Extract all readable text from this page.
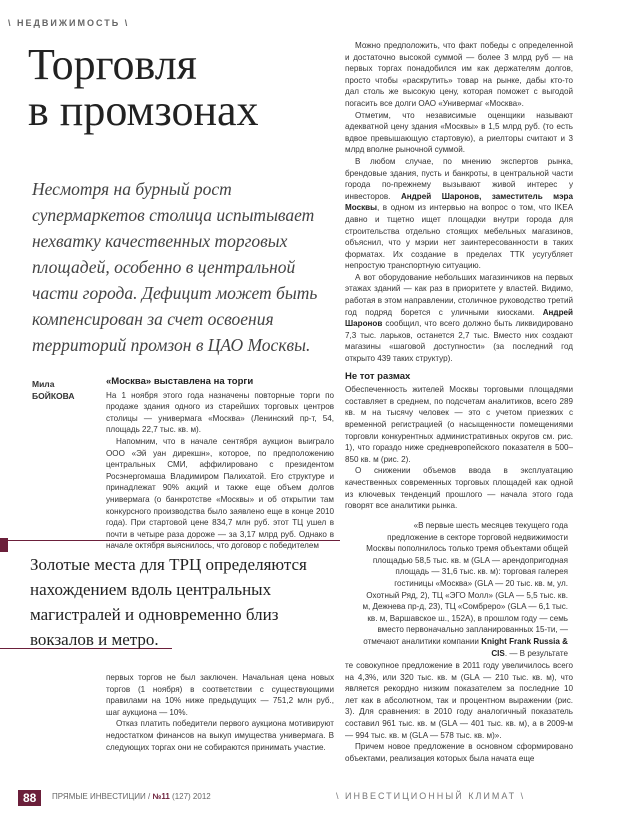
\ НЕДВИЖИМОСТЬ \
Торговля
в промзонах

Несмотря на бурный рост супермаркетов столица испытывает нехватку качественных торговых площадей, особенно в центральной части города. Дефицит может быть компенсирован за счет освоения территорий промзон в ЦАО Москвы.

Мила
БОЙКОВА

«Москва» выставлена на торги

На 1 ноября этого года назначены повторные торги по продаже здания одного из старейших торговых центров столицы — универмага «Москва» (Ленинский пр-т, 54, площадь 22,7 тыс. кв. м).

Напомним, что в начале сентября аукцион выиграло ООО «Эй уан дирекшн», которое, по предположению центральных СМИ, аффилировано с президентом Росэнергомаша Владимиром Палихатой. Его структуре и принадлежат 90% акций и также еще объем долгов универмага (о банкротстве «Москвы» и об открытии там конкурсного производства было заявлено еще в конце 2010 года). При стартовой цене 834,7 млн руб. этот ТЦ ушел в почти в четыре раза дороже — за 3,17 млрд руб. Однако в начале октября выяснилось, что договор с победителем

Золотые места для ТРЦ определяются нахождением вдоль центральных магистралей и одновременно близ вокзалов и метро.

первых торгов не был заключен. Начальная цена новых торгов (1 ноября) в соответствии с существующими правилами на 10% ниже предыдущих — 751,2 млн руб., шаг аукциона — 10%.

Откaз платить победители первого аукциона мотивируют недостатком финансов на выкуп имущества универмага. В следующих торгах они не собираются принимать участие.

Можно предположить, что факт победы с определенной и достаточно высокой суммой — более 3 млрд руб — на первых торгах понадобился им как держателям долгов, просто чтобы «раскрутить» товар на рынке, дабы кто-то дал столь же высокую цену, которая поможет с выгодой погасить все долги ОАО «Универмаг «Москва».

Отметим, что независимые оценщики называют адекватной цену здания «Москвы» в 1,5 млрд руб. (то есть вдвое превышающую стартовую), а риелторы считают и 3 млрд вполне рыночной суммой.

В любом случае, по мнению экспертов рынка, брендовые здания, пусть и банкроты, в центральной части города по-прежнему вызывают живой интерес у инвесторов. Андрей Шаронов, заместитель мэра Москвы, в одном из интервью на вопрос о том, что IKEA давно и тщетно ищет площадки внутри города для строительства отдельно стоящих мебельных магазинов, объяснил, что у мэрии нет заинтересованности в таких форматах. Их создание в пределах ТТК усугубляет непростую транспортную ситуацию.

А вот оборудование небольших магазинчиков на первых этажах зданий — как раз в приоритете у властей. Видимо, работая в этом направлении, столичное руководство третий год подряд борется с уличными киосками. Андрей Шаронов сообщил, что всего должно быть ликвидировано 7,3 тыс. ларьков, останется 2,7 тыс. Вместо них создают магазины «шаговой доступности» (за последний год открыто 439 таких структур).

Не тот размах

Обеспеченность жителей Москвы торговыми площадями составляет в среднем, по подсчетам аналитиков, всего 289 кв. м на тысячу человек — это с учетом приезжих с временной регистрацией (о насыщенности помещениями торговли конкурентных административных округов см. рис. 1), что гораздо ниже средневропейского показателя в 500–850 кв. м (рис. 2).

О снижении объемов ввода в эксплуатацию качественных современных торговых площадей как одной из ключевых тенденций прошлого — начала этого года говорят все аналитики рынка.

«В первые шесть месяцев текущего года предложение в секторе торговой недвижимости Москвы пополнилось только тремя объектами общей площадью 58,5 тыс. кв. м (GLA — арендопригодная площадь — 31,6 тыс. кв. м): торговая галерея гостиницы «Москва» (GLA — 20 тыс. кв. м, ул. Охотный Ряд, 2), ТЦ «ЭГО Молл» (GLA — 5,5 тыс. кв. м, Дежнева пр-д, 23), ТЦ «Сомбреро» (GLA — 6,1 тыс. кв. м, Варшавское ш., 152А), в прошлом году — семь вместо первоначально запланированных 15-ти, — отмечают аналитики компании Knight Frank Russia & CIS. — В результате

те совокупное предложение в 2011 году увеличилось всего на 4,3%, или 320 тыс. кв. м (GLA — 210 тыс. кв. м), что является рекордно низким показателем за последние 10 лет как в абсолютном, так и процентном выражении (рис. 3). Для сравнения: в 2010 году аналогичный показатель составил 961 тыс. кв. м (GLA — 401 тыс. кв. м), а в 2009-м — 994 тыс. кв. м (GLA — 578 тыс. кв. м)».

Причем новое предложение в основном сформировано объектами, реализация которых была начата еще

88	ПРЯМЫЕ ИНВЕСТИЦИИ / №11 (127) 2012	\ ИНВЕСТИЦИОННЫЙ КЛИМАТ \
